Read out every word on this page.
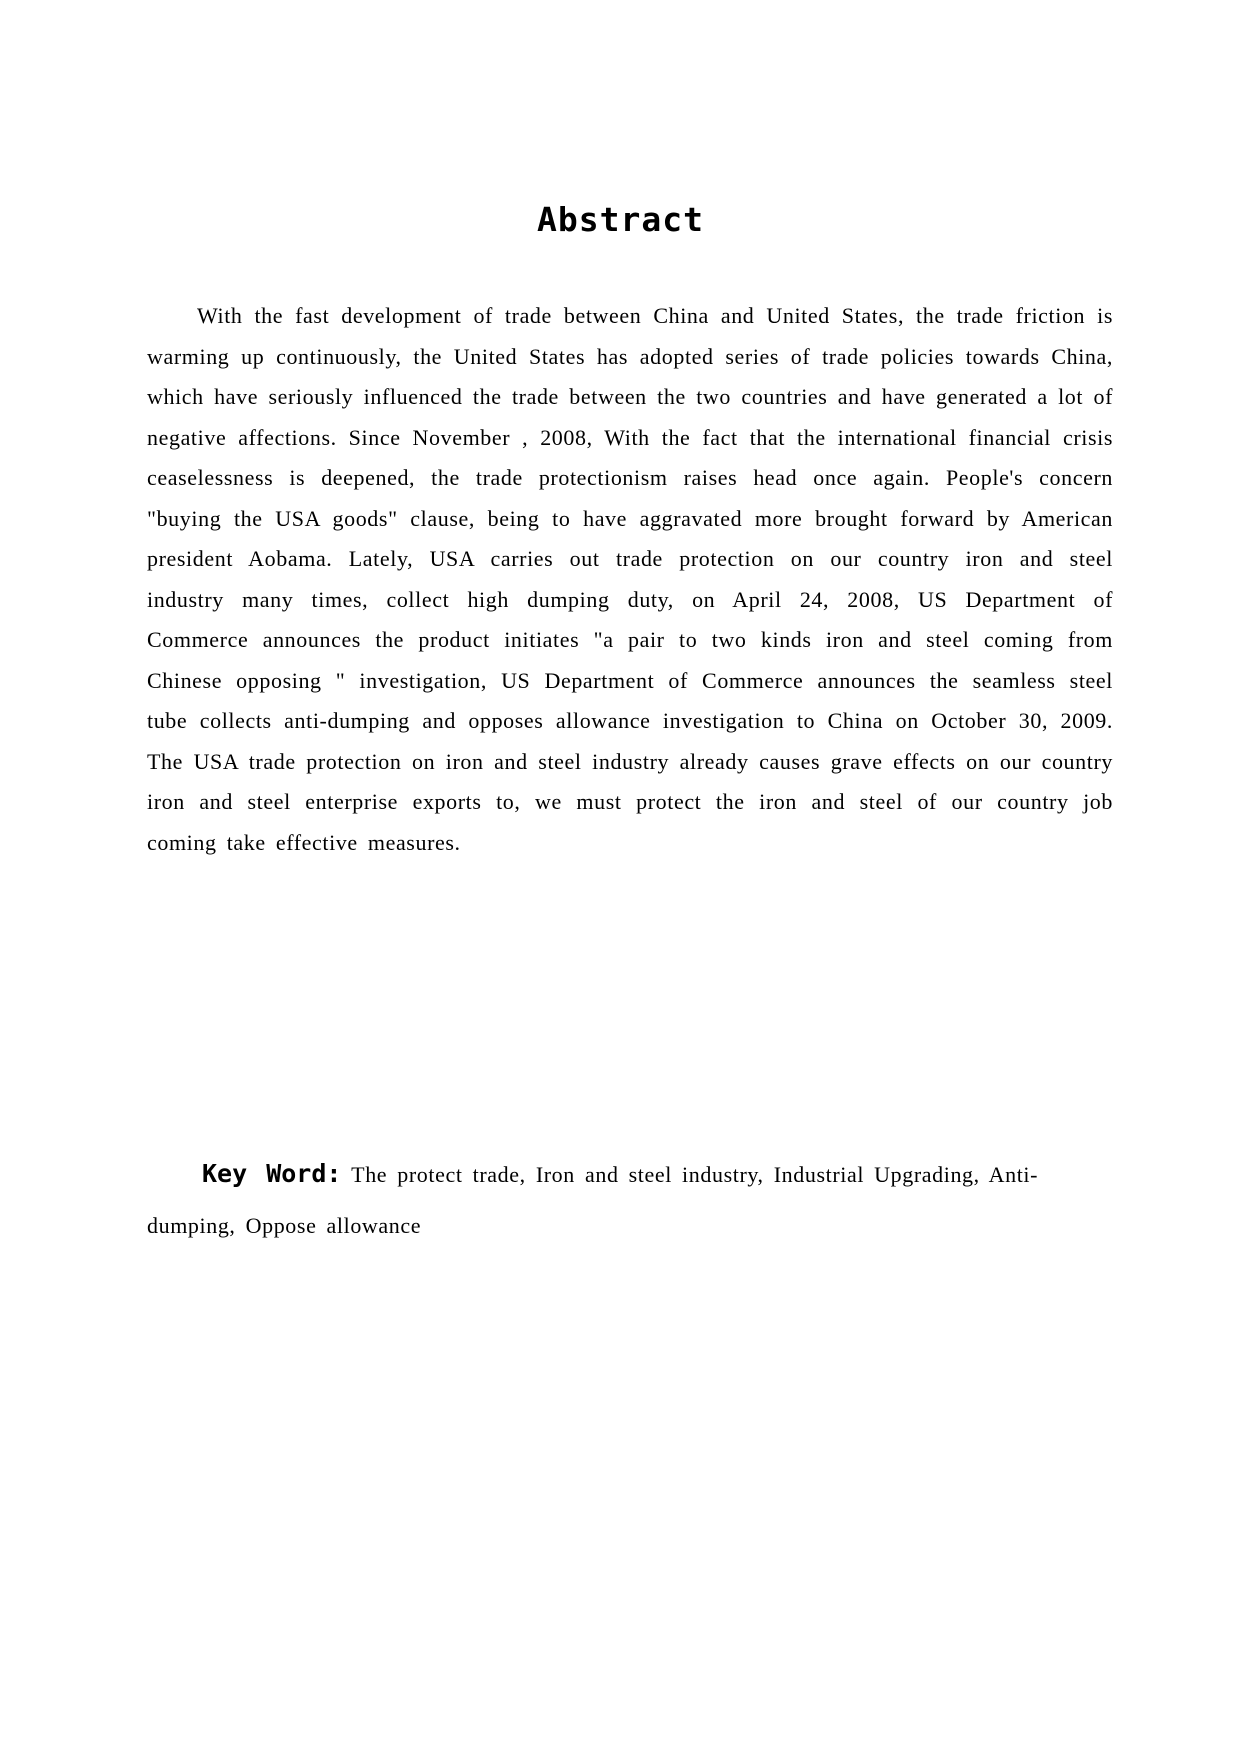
Abstract

With the fast development of trade between China and United States, the trade friction is warming up continuously, the United States has adopted series of trade policies towards China, which have seriously influenced the trade between the two countries and have generated a lot of negative affections. Since November , 2008, With the fact that the international financial crisis ceaselessness is deepened, the trade protectionism raises head once again. People's concern "buying the USA goods" clause, being to have aggravated more brought forward by American president Aobama. Lately, USA carries out trade protection on our country iron and steel industry many times, collect high dumping duty, on April 24, 2008, US Department of Commerce announces the product initiates "a pair to two kinds iron and steel coming from Chinese opposing " investigation, US Department of Commerce announces the seamless steel tube collects anti-dumping and opposes allowance investigation to China on October 30, 2009. The USA trade protection on iron and steel industry already causes grave effects on our country iron and steel enterprise exports to, we must protect the iron and steel of our country job coming take effective measures.

Key Word: The protect trade, Iron and steel industry, Industrial Upgrading, Anti-dumping, Oppose allowance
